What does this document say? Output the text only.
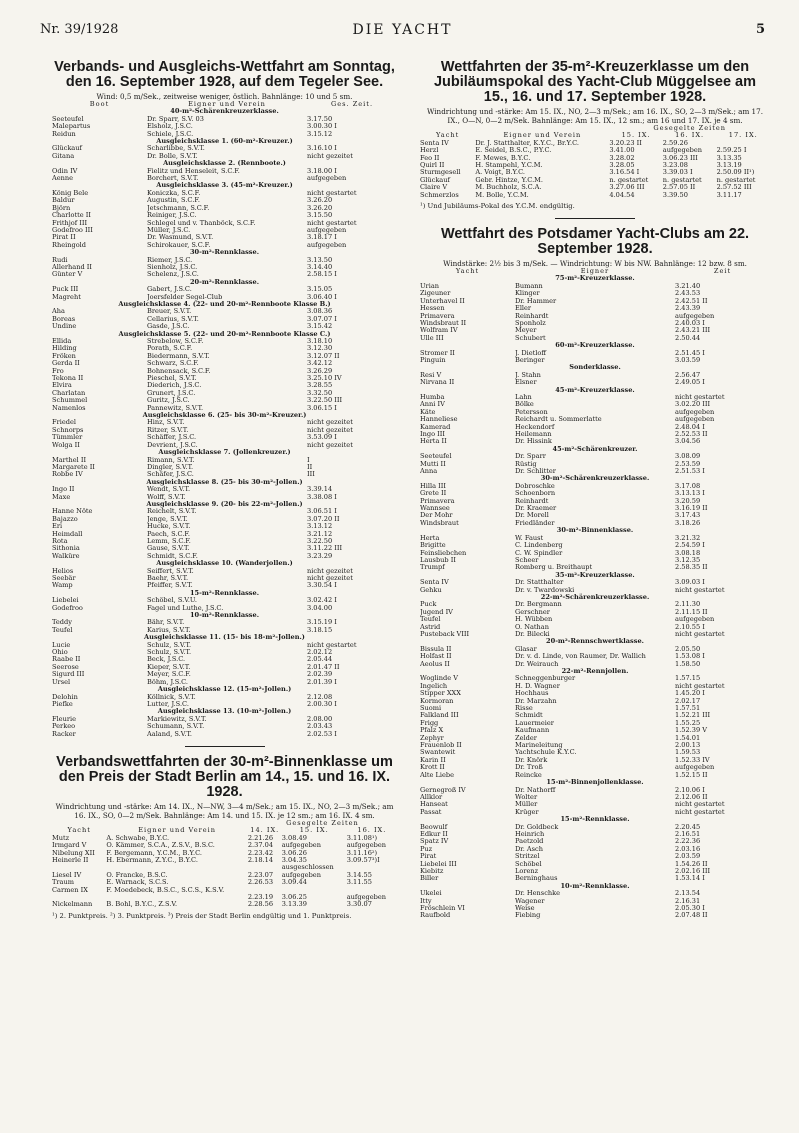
Nr. 39/1928	DIE YACHT	5
Verbands- und Ausgleichs-Wettfahrt am Sonntag, den 16. September 1928, auf dem Tegeler See.

Wind: 0,5 m/Sek., zeitweise weniger, östlich. Bahnlänge: 10 und 5 sm.

Boot	Eigner und Verein	Ges. Zeit.
40-m²-Schärenkreuzerklasse.		
Seeteufel	Dr. Sparr, S.V. 03	3.17.50
Malepartus	Elsholz, J.S.C.	3.00.30 I
Reidun	Schiele, J.S.C.	3.15.12
Ausgleichsklasse 1. (60-m²-Kreuzer.)		
Glückauf	Scharlibbe, S.V.T.	3.16.10 I
Gitana	Dr. Bolle, S.V.T.	nicht gezeitet
Ausgleichsklasse 2. (Rennboote.)		
Odin IV	Fielitz und Henseleit, S.C.F.	3.18.00 I
Aenne	Borchert, S.V.T.	aufgegeben
Ausgleichsklasse 3. (45-m²-Kreuzer.)		
König Bele	Koniczka, S.C.F.	nicht gestartet
Baldur	Augustin, S.C.F.	3.26.20
Björn	Jetschmann, S.C.F.	3.26.20
Charlotte II	Reiniger, J.S.C.	3.15.50
Frithjof III	Schlegel und v. Thanböck, S.C.F.	nicht gestartet
Godefroo III	Müller, J.S.C.	aufgegeben
Pirat II	Dr. Wasmund, S.V.T.	3.18.17 I
Rheingold	Schirokauer, S.C.F.	aufgegeben
30-m²-Rennklasse.		
Rudi	Riemer, J.S.C.	3.13.50
Allerhand II	Sienholz, J.S.C.	3.14.40
Günter V	Schelenz, J.S.C.	2.58.15 I
20-m²-Rennklasse.		
Puck III	Gabert, J.S.C.	3.15.05
Magreht	Joersfelder Segel-Club	3.06.40 I
Ausgleichsklasse 4. (22- und 20-m²-Rennboote Klasse B.)		
Aha	Breuer, S.V.T.	3.08.36
Boreas	Cellarius, S.V.T.	3.07.07 I
Undine	Gasde, J.S.C.	3.15.42
Ausgleichsklasse 5. (22- und 20-m²-Rennboote Klasse C.)		
Ellida	Strebelow, S.C.F.	3.18.10
Hilding	Porath, S.C.F.	3.12.30
Fröken	Biedermann, S.V.T.	3.12.07 II
Gerda II	Schwarz, S.C.F.	3.42.12
Fro	Bohnensack, S.C.F.	3.26.29
Tekona II	Pieschel, S.V.T.	3.25.10 IV
Elvira	Diederich, J.S.C.	3.28.55
Charlatan	Grunert, J.S.C.	3.32.50
Schummel	Guritz, J.S.C.	3.22.50 III
Namenlos	Pannewitz, S.V.T.	3.06.15 I
Ausgleichsklasse 6. (25- bis 30-m²-Kreuzer.)		
Friedel	Hinz, S.V.T.	nicht gezeitet
Schnorps	Ritzer, S.V.T.	nicht gezeitet
Tümmler	Schäffer, J.S.C.	3.53.09 I
Wolga II	Devrient, J.S.C.	nicht gezeitet
Ausgleichsklasse 7. (Jollenkreuzer.)		
Marthel II	Rimann, S.V.T.	I
Margarete II	Dingler, S.V.T.	II
Robbe IV	Schäfer, J.S.C.	III
Ausgleichsklasse 8. (25- bis 30-m²-Jollen.)		
Ingo II	Wendt, S.V.T.	3.39.14
Maxe	Wolff, S.V.T.	3.38.08 I
Ausgleichsklasse 9. (20- bis 22-m²-Jollen.)		
Hanne Nöte	Reichelt, S.V.T.	3.06.51 I
Bajazzo	Jenge, S.V.T.	3.07.20 II
Eri	Hucke, S.V.T.	3.13.12
Heimdall	Paech, S.C.F.	3.21.12
Rota	Lemm, S.C.F.	3.22.50
Sithonia	Gause, S.V.T.	3.11.22 III
Walküre	Schmidt, S.C.F.	3.23.29
Ausgleichsklasse 10. (Wanderjollen.)		
Helios	Seiffert, S.V.T.	nicht gezeitet
Seebär	Baehr, S.V.T.	nicht gezeitet
Wamp	Pfeiffer, S.V.T.	3.30.54 I
15-m²-Rennklasse.		
Liebelei	Schöbel, S.V.U.	3.02.42 I
Godefroo	Fagel und Luthe, J.S.C.	3.04.00
10-m²-Rennklasse.		
Teddy	Bähr, S.V.T.	3.15.19 I
Teufel	Karius, S.V.T.	3.18.15
Ausgleichsklasse 11. (15- bis 18-m²-Jollen.)		
Lucie	Schulz, S.V.T.	nicht gestartet
Ohio	Schulz, S.V.T.	2.02.12
Raabe II	Beck, J.S.C.	2.05.44
Seerose	Kieper, S.V.T.	2.01.47 II
Sigurd III	Meyer, S.C.F.	2.02.39
Ursel	Böhm, J.S.C.	2.01.39 I
Ausgleichsklasse 12. (15-m²-Jollen.)		
Delohin	Köllnick, S.V.T.	2.12.08
Piefke	Lutter, J.S.C.	2.00.30 I
Ausgleichsklasse 13. (10-m²-Jollen.)		
Fleurie	Markiewitz, S.V.T.	2.08.00
Perkeo	Schumann, S.V.T.	2.03.43
Racker	Aaland, S.V.T.	2.02.53 I
Verbandswettfahrten der 30-m²-Binnenklasse um den Preis der Stadt Berlin am 14., 15. und 16. IX. 1928.

Windrichtung und -stärke: Am 14. IX., N—NW, 3—4 m/Sek.; am 15. IX., NO, 2—3 m/Sek.; am 16. IX., SO, 0—2 m/Sek. Bahnlänge: Am 14. und 15. IX. je 12 sm.; am 16. IX. 4 sm.

		Gesegelte Zeiten		
Yacht	Eigner und Verein	14. IX.	15. IX.	16. IX.
Mutz	A. Schwabe, B.Y.C.	2.21.26	3.08.49	3.11.08¹)
Irmgard V	O. Kämmer, S.C.A., Z.S.V., B.S.C.	2.37.04	aufgegeben	aufgegeben
Nibelung XII	F. Bergemann, Y.C.M., B.Y.C.	2.23.42	3.06.26	3.11.16²)
Heinerle II	H. Ebermann, Z.Y.C., B.Y.C.	2.18.14	3.04.35	3.09.57³)I
			ausgeschlossen	
Liesel IV	O. Francke, B.S.C.	2.23.07	aufgegeben	3.14.55
Traum	E. Warnack, S.C.S.	2.26.53	3.09.44	3.11.55
Carmen IX	F. Moedebeck, B.S.C., S.C.S., K.S.V.			
		2.23.19	3.06.25	aufgegeben
Nickelmann	B. Bohl, B.Y.C., Z.S.V.	2.28.56	3.13.39	3.30.07

¹) 2. Punktpreis. ²) 3. Punktpreis. ³) Preis der Stadt Berlin endgültig und 1. Punktpreis.

Wettfahrten der 35-m²-Kreuzerklasse um den Jubiläumspokal des Yacht-Club Müggelsee am 15., 16. und 17. September 1928.

Windrichtung und -stärke: Am 15. IX., NO, 2—3 m/Sek.; am 16. IX., SO, 2—3 m/Sek.; am 17. IX., O—N, 0—2 m/Sek. Bahnlänge: Am 15. IX., 12 sm.; am 16 und 17. IX. je 4 sm.

		Gesegelte Zeiten		
Yacht	Eigner und Verein	15. IX.	16. IX.	17. IX.
Senta IV	Dr. J. Statthalter, K.Y.C., Br.Y.C.	3.20.23 II	2.59.26	
Herzl	E. Seidel, B.S.C., P.Y.C.	3.41.00	aufgegeben	2.59.25 I
Feo II	F. Mewes, B.Y.C.	3.28.02	3.06.23 III	3.13.35
Quirl II	H. Stampehl, Y.C.M.	3.28.05	3.23.08	3.13.19
Sturmgesell	A. Voigt, B.Y.C.	3.16.54 I	3.39.03 I	2.50.09 II¹)
Glückauf	Gebr. Hintze, Y.C.M.	n. gestartet	n. gestartet	n. gestartet
Claire V	M. Buchholz, S.C.A.	3.27.06 III	2.57.05 II	2.57.52 III
Schmerzlos	M. Bolle, Y.C.M.	4.04.54	3.39.50	3.11.17

¹) Und Jubiläums-Pokal des Y.C.M. endgültig.

Wettfahrt des Potsdamer Yacht-Clubs am 22. September 1928.

Windstärke: 2½ bis 3 m/Sek. — Windrichtung: W bis NW. Bahnlänge: 12 bzw. 8 sm.

Yacht	Eigner	Zeit
75-m²-Kreuzerklasse.		
Urian	Bumann	3.21.40
Zigeuner	Klinger	2.43.53
Unterhavel II	Dr. Hammer	2.42.51 II
Hessen	Eller	2.43.39
Primavera	Reinhardt	aufgegeben
Windsbraut II	Sponholz	2.40.03 I
Wolfram IV	Meyer	2.43.21 III
Ulle III	Schubert	2.50.44
60-m²-Kreuzerklasse.		
Stromer II	J. Dietloff	2.51.45 I
Pinguin	Beringer	3.03.59
Sonderklasse.		
Resi V	J. Stahn	2.56.47
Nirvana II	Elsner	2.49.05 I
45-m²-Kreuzerklasse.		
Humba	Lahn	nicht gestartet
Anni IV	Bölke	3.02.20 III
Käte	Petersson	aufgegeben
Hanneliese	Reichardt u. Sommerlatte	aufgegeben
Kamerad	Heckendorf	2.48.04 I
Ingo III	Heilemann	2.52.53 II
Herta II	Dr. Hissink	3.04.56
45-m²-Schärenkreuzer.		
Seeteufel	Dr. Sparr	3.08.09
Mutti II	Rüstig	2.53.59
Anna	Dr. Schlitter	2.51.53 I
30-m²-Schärenkreuzerklasse.		
Hilla III	Dobroschke	3.17.08
Grete II	Schoenborn	3.13.13 I
Primavera	Reinhardt	3.20.59
Wannsee	Dr. Kraemer	3.16.19 II
Der Mohr	Dr. Morell	3.17.43
Windsbraut	Friedländer	3.18.26
30-m²-Binnenklasse.		
Herta	W. Faust	3.21.32
Brigitte	C. Lindenberg	2.54.59 I
Feinsliebchen	C. W. Spindler	3.08.18
Lausbub II	Scheer	3.12.35
Trumpf	Romberg u. Breithaupt	2.58.35 II
35-m²-Kreuzerklasse.		
Senta IV	Dr. Statthalter	3.09.03 I
Gehku	Dr. v. Twardowski	nicht gestartet
22-m²-Schärenkreuzerklasse.		
Puck	Dr. Bergmann	2.11.30
Jugend IV	Gerschner	2.11.15 II
Teufel	H. Wübben	aufgegeben
Astrid	O. Nathan	2.10.55 I
Pusteback VIII	Dr. Bilecki	nicht gestartet
20-m²-Rennschwertklasse.		
Bissula II	Glasar	2.05.50
Holfast II	Dr. v. d. Linde, von Raumer, Dr. Wallich	1.53.08 I
Aeolus II	Dr. Weirauch	1.58.50
22-m²-Rennjollen.		
Woglinde V	Schneggenburger	1.57.15
Ingelich	H. D. Wagner	nicht gestartet
Stipper XXX	Hochhaus	1.45.20 I
Kormoran	Dr. Marzahn	2.02.17
Suomi	Risse	1.57.51
Falkland III	Schmidt	1.52.21 III
Frigg	Lauermeier	1.55.25
Pfalz X	Kaufmann	1.52.39 V
Zephyr	Zelder	1.54.01
Frauenlob II	Marineleitung	2.00.13
Swantewit	Yachtschule K.Y.C.	1.59.53
Karin II	Dr. Knörk	1.52.33 IV
Krott II	Dr. Troß	aufgegeben
Alte Liebe	Reincke	1.52.15 II
15-m²-Binnenjollenklasse.		
Gernegroß IV	Dr. Nathorff	2.10.06 I
Allklor	Wolter	2.12.06 II
Hanseat	Müller	nicht gestartet
Passat	Krüger	nicht gestartet
15-m²-Rennklasse.		
Beowulf	Dr. Goldbeck	2.20.45
Edkur II	Heinrich	2.16.51
Spatz IV	Paetzold	2.22.36
Puz	Dr. Asch	2.03.16
Pirat	Stritzel	2.03.59
Liebelei III	Schöbel	1.54.26 II
Kiebitz	Lorenz	2.02.16 III
Biller	Berninghaus	1.53.14 I
10-m²-Rennklasse.		
Ukelei	Dr. Henschke	2.13.54
Itty	Wagener	2.16.31
Fröschlein VI	Weise	2.05.30 I
Raufbold	Fiebing	2.07.48 II
